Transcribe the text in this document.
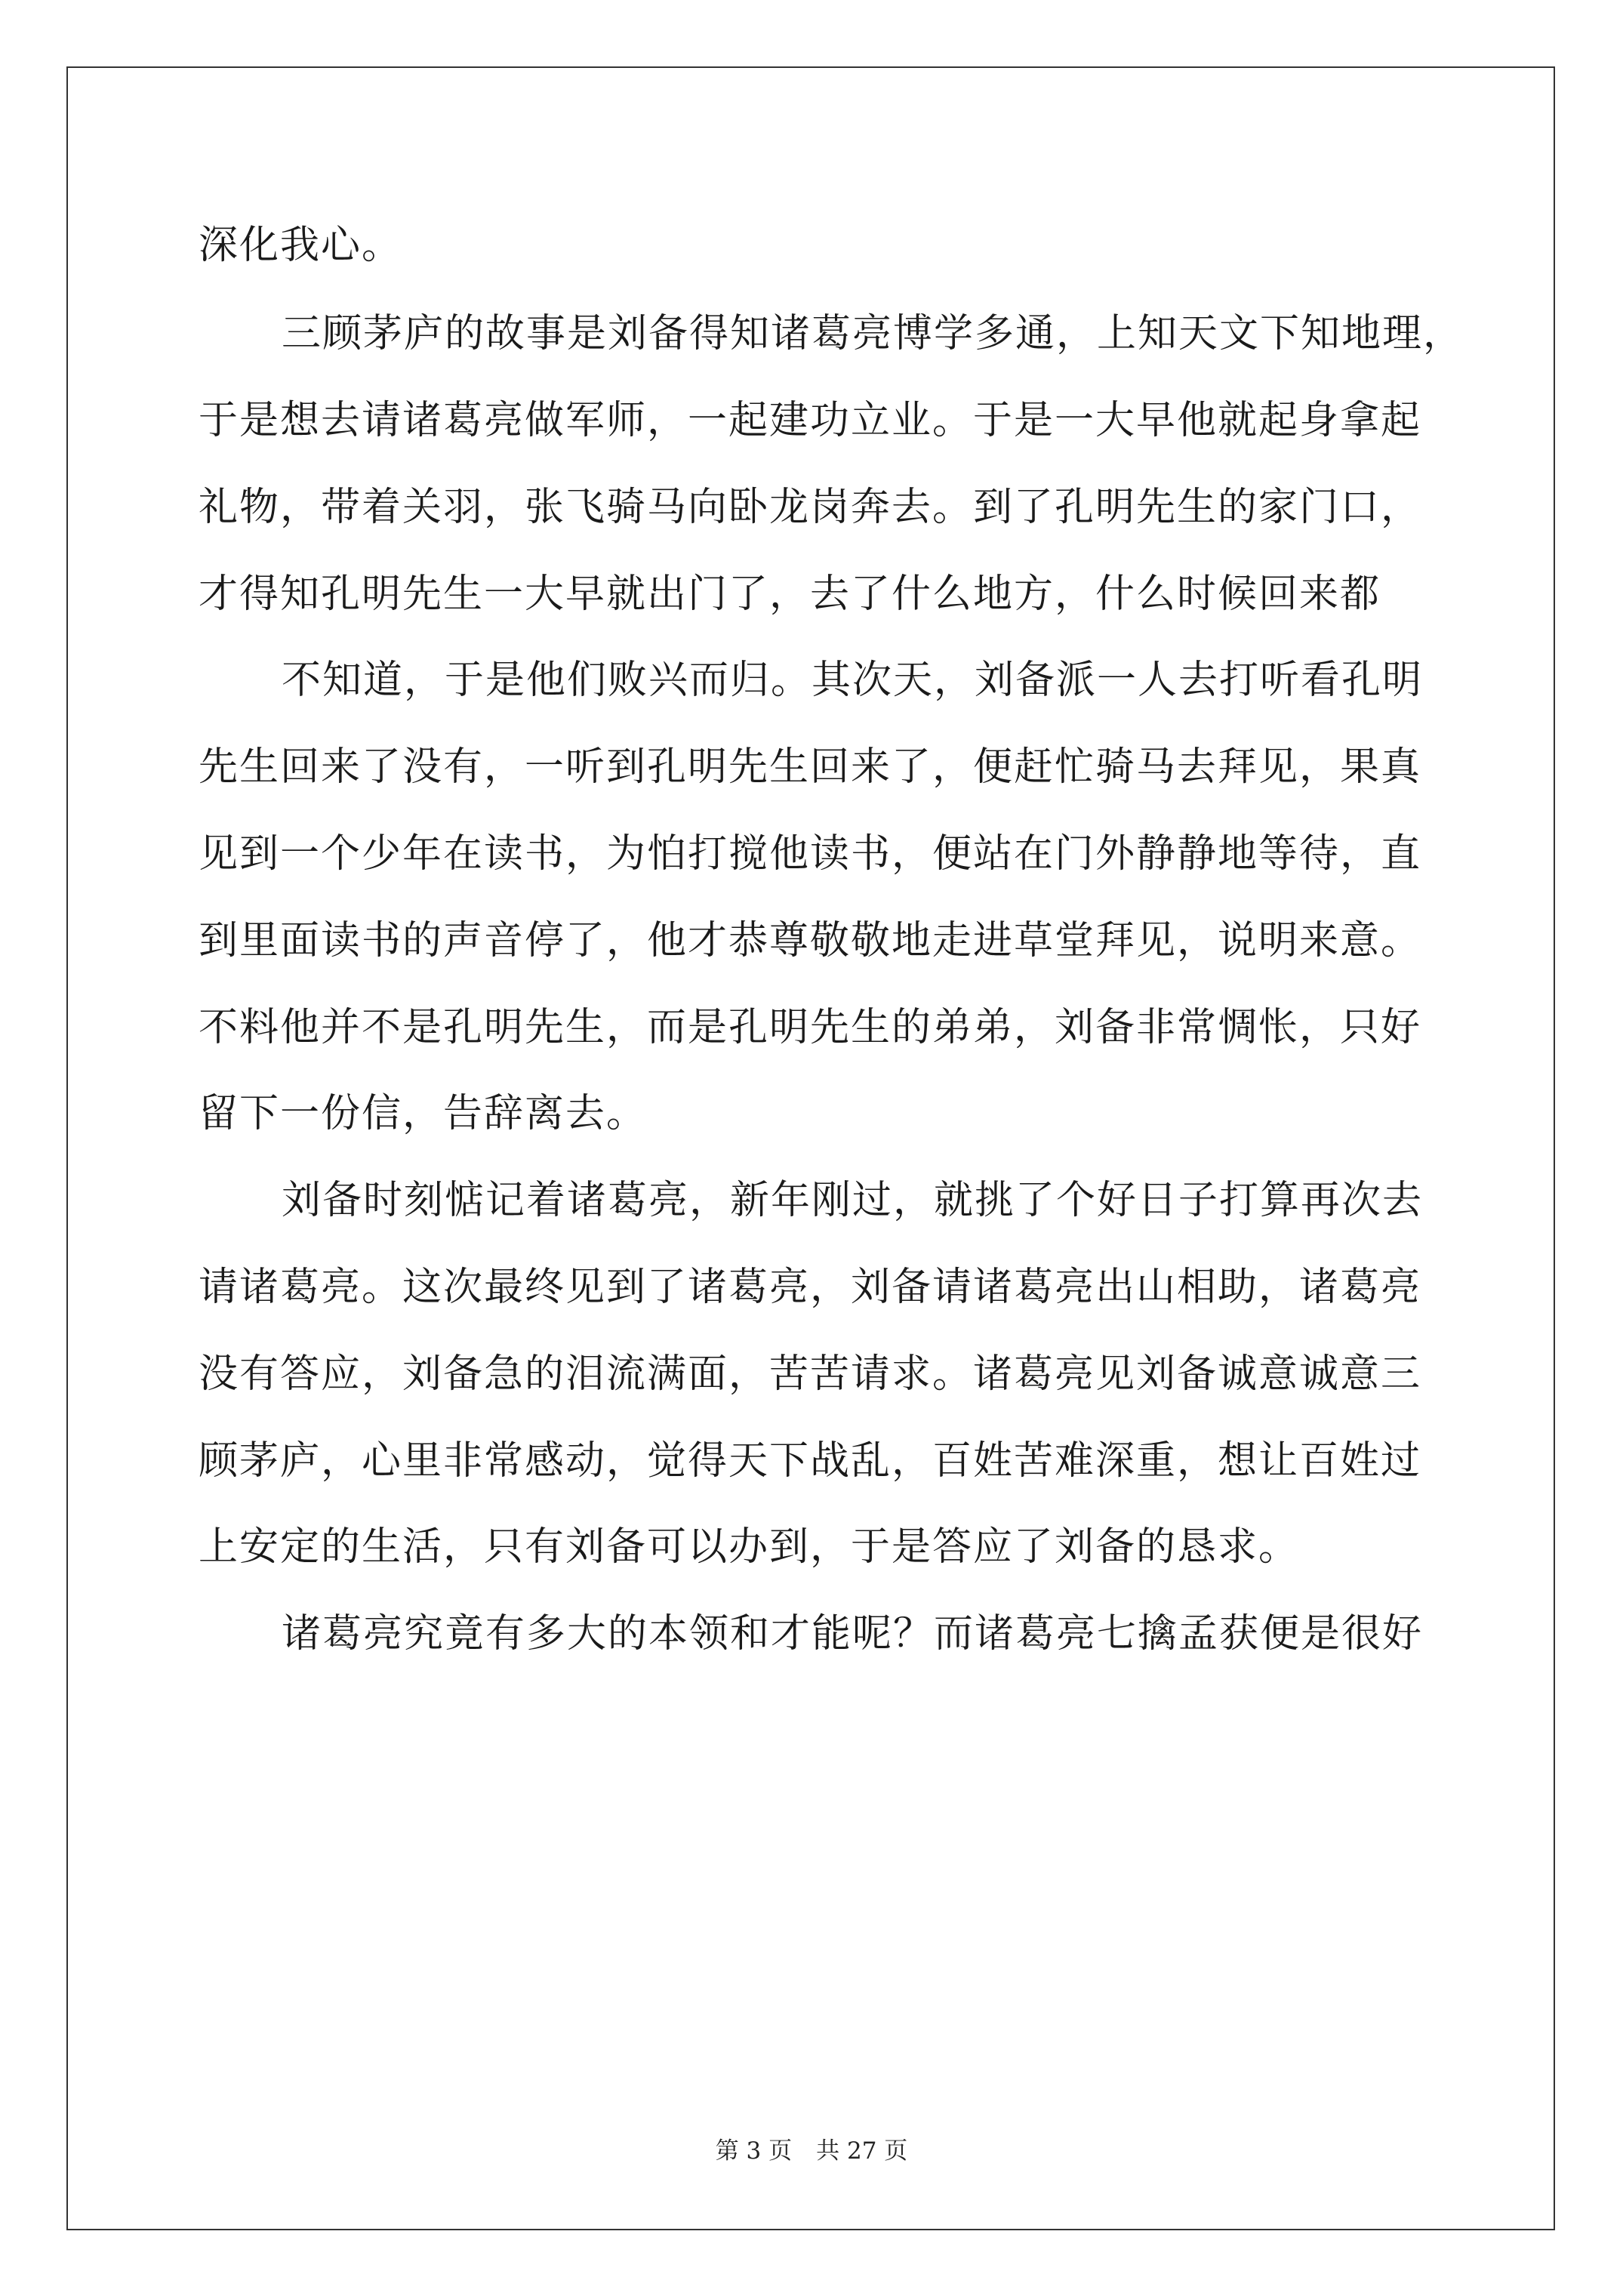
深化我心。
三顾茅庐的故事是刘备得知诸葛亮博学多通，上知天文下知地理，
于是想去请诸葛亮做军师，一起建功立业。于是一大早他就起身拿起
礼物，带着关羽，张飞骑马向卧龙岗奔去。到了孔明先生的家门口，
才得知孔明先生一大早就出门了，去了什么地方，什么时候回来都
不知道，于是他们败兴而归。其次天，刘备派一人去打听看孔明
先生回来了没有，一听到孔明先生回来了，便赶忙骑马去拜见，果真
见到一个少年在读书，为怕打搅他读书，便站在门外静静地等待，直
到里面读书的声音停了，他才恭尊敬敬地走进草堂拜见，说明来意。
不料他并不是孔明先生，而是孔明先生的弟弟，刘备非常惆怅，只好
留下一份信，告辞离去。
刘备时刻惦记着诸葛亮，新年刚过，就挑了个好日子打算再次去
请诸葛亮。这次最终见到了诸葛亮，刘备请诸葛亮出山相助，诸葛亮
没有答应，刘备急的泪流满面，苦苦请求。诸葛亮见刘备诚意诚意三
顾茅庐，心里非常感动，觉得天下战乱，百姓苦难深重，想让百姓过
上安定的生活，只有刘备可以办到，于是答应了刘备的恳求。
诸葛亮究竟有多大的本领和才能呢？而诸葛亮七擒孟获便是很好
第 3 页 共 27 页
